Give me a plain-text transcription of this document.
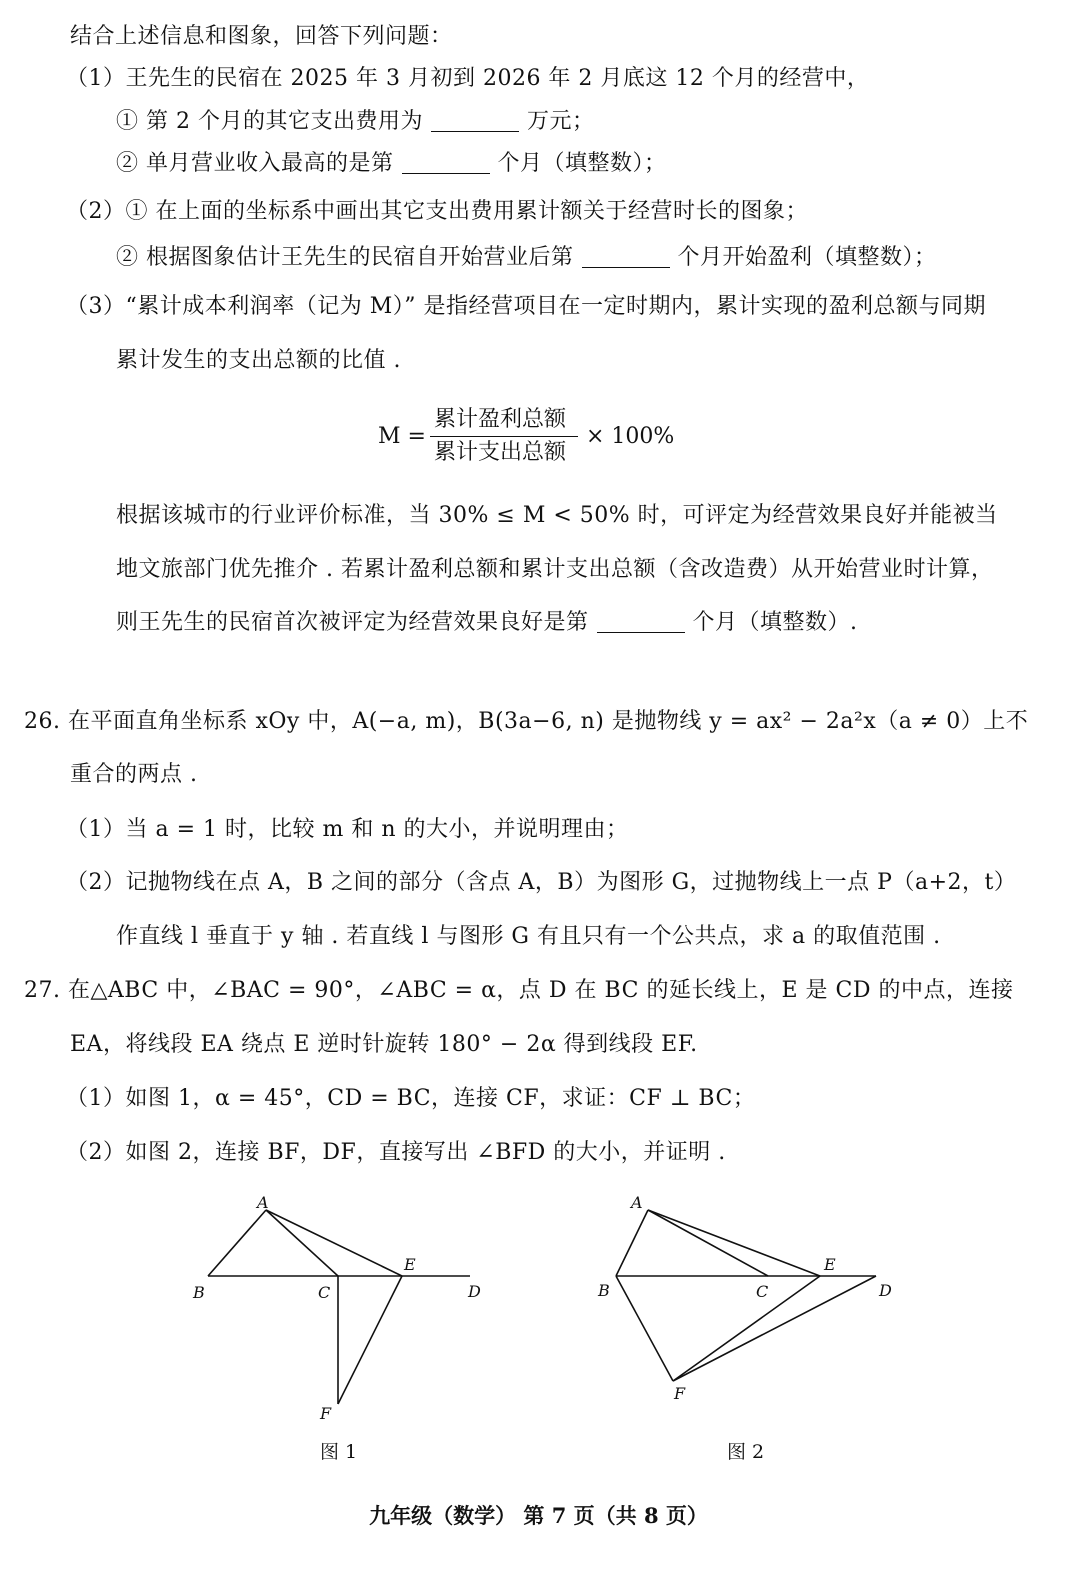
结合上述信息和图象，回答下列问题：
（1）王先生的民宿在 2025 年 3 月初到 2026 年 2 月底这 12 个月的经营中，
① 第 2 个月的其它支出费用为	万元；
② 单月营业收入最高的是第	个月（填整数）；
（2）① 在上面的坐标系中画出其它支出费用累计额关于经营时长的图象；
② 根据图象估计王先生的民宿自开始营业后第	个月开始盈利（填整数）；
（3）“累计成本利润率（记为 M）” 是指经营项目在一定时期内，累计实现的盈利总额与同期
累计发生的支出总额的比值 .
M =
累计盈利总额
累计支出总额
× 100%
根据该城市的行业评价标准，当 30% ≤ M < 50% 时，可评定为经营效果良好并能被当
地文旅部门优先推介 . 若累计盈利总额和累计支出总额（含改造费）从开始营业时计算，
则王先生的民宿首次被评定为经营效果良好是第	个月（填整数）.
26. 在平面直角坐标系 xOy 中，A(−a, m)，B(3a−6, n) 是抛物线 y = ax² − 2a²x（a ≠ 0）上不
重合的两点 .
（1）当 a = 1 时，比较 m 和 n 的大小，并说明理由；
（2）记抛物线在点 A，B 之间的部分（含点 A，B）为图形 G，过抛物线上一点 P（a+2，t）
作直线 l 垂直于 y 轴 . 若直线 l 与图形 G 有且只有一个公共点，求 a 的取值范围 .
27. 在△ABC 中，∠BAC = 90°，∠ABC = α，点 D 在 BC 的延长线上，E 是 CD 的中点，连接
EA，将线段 EA 绕点 E 逆时针旋转 180° − 2α 得到线段 EF.
（1）如图 1，α = 45°，CD = BC，连接 CF，求证：CF ⊥ BC；
（2）如图 2，连接 BF，DF，直接写出 ∠BFD 的大小，并证明 .
A
B	C
E
D
F
A
B	C
E
D
F
图 1	图 2
九年级（数学） 第 7 页（共 8 页）
